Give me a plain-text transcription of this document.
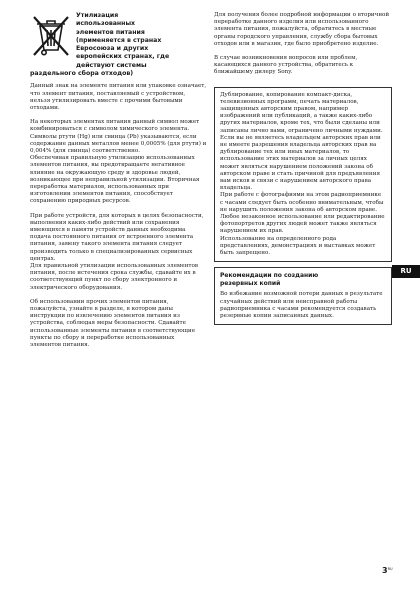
Утилизация
использованных
элементов питания
(применяется в странах
Евросоюза и других
европейских странах, где
действуют системы
раздельного сбора отходов)

Данный знак на элементе питания или упаковке означает, что элемент питания, поставляемый с устройством, нельзя утилизировать вместе с прочими бытовыми отходами.

На некоторых элементах питания данный символ может комбинироваться с символом химического элемента. Символы ртути (Hg) или свинца (Pb) указываются, если содержание данных металлов менее 0,0005% (для ртути) и 0,004% (для свинца) соответственно.

Обеспечивая правильную утилизацию использованных элементов питания, вы предотвращаете негативное влияние на окружающую среду и здоровье людей, возникающее при неправильной утилизации. Вторичная переработка материалов, использованных при изготовлении элементов питания, способствует сохранению природных ресурсов.

При работе устройств, для которых в целях безопасности, выполнения каких-либо действий или сохранения имеющихся в памяти устройств данных необходима подача постоянного питания от встроенного элемента питания, замену такого элемента питания следует производить только в специализированных сервисных центрах.

Для правильной утилизации использованных элементов питания, после истечения срока службы, сдавайте их в соответствующий пункт по сбору электронного и электрического оборудования.

Об использовании прочих элементов питания, пожалуйста, узнайте в разделе, в котором даны инструкции по извлечению элементов питания из устройства, соблюдая меры безопасности. Сдавайте использованные элементы питания в соответствующие пункты по сбору и переработке использованных элементов питания.

Для получения более подробной информации о вторичной переработке данного изделия или использованного элемента питания, пожалуйста, обратитесь в местные органы городского управления, службу сбора бытовых отходов или в магазин, где было приобретено изделие.

В случае возникновения вопросов или проблем, касающихся данного устройства, обратитесь к ближайшему дилеру Sony.

Дублирование, копирование компакт-диска, телевизионных программ, печать материалов, защищенных авторским правом, например изображений или публикаций, а также каких-либо других материалов, кроме тех, что были сделаны или записаны лично вами, ограничено личными нуждами. Если вы не являетесь владельцем авторских прав или не имеете разрешения владельца авторских прав на дублирование тех или иных материалов, то использование этих материалов за личных целях может являться нарушением положений закона об авторском праве и стать причиной для предъявления вам исков и связи с нарушением авторского права владельца.

При работе с фотографиями на этом радиоприемнике с часами следует быть особенно внимательным, чтобы не нарушить положения закона об авторском праве. Любое незаконное использование или редактирование фотопортретов других людей может также являться нарушением их прав.

Использование на определенного рода представлениях, демонстрациях и выставках может быть запрещено.

Рекомендации по созданию
резервных копий

Во избежание возможной потери данных в результате случайных действий или неисправной работы радиоприемника с часами рекомендуется создавать резервные копии записанных данных.

RU
$3^{RU}$
